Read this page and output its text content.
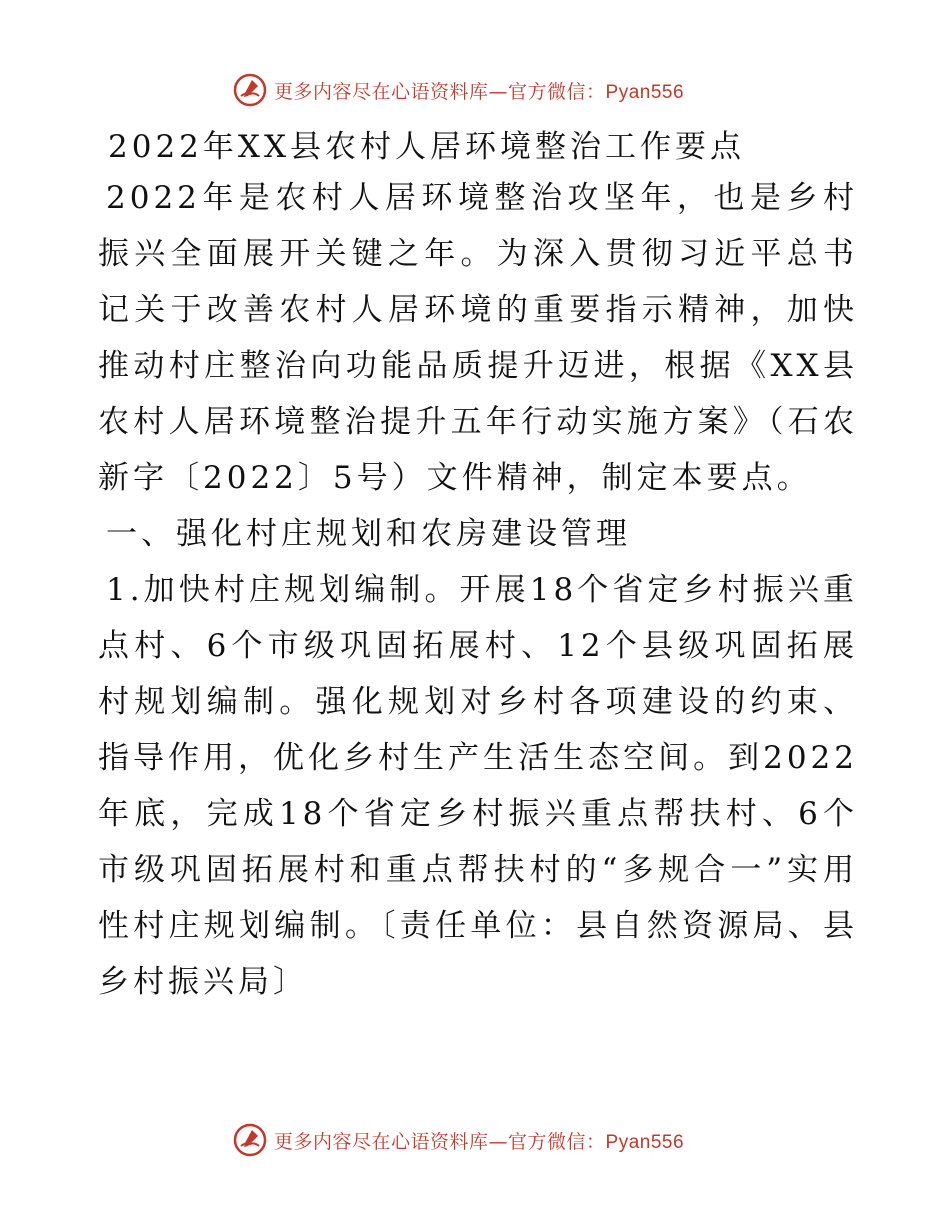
更多内容尽在心语资料库—官方微信：Pyan556
2022年XX县农村人居环境整治工作要点

2022年是农村人居环境整治攻坚年，也是乡村振兴全面展开关键之年。为深入贯彻习近平总书记关于改善农村人居环境的重要指示精神，加快推动村庄整治向功能品质提升迈进，根据《XX县农村人居环境整治提升五年行动实施方案》（石农新字〔2022〕5号）文件精神，制定本要点。

一、强化村庄规划和农房建设管理

1.加快村庄规划编制。开展18个省定乡村振兴重点村、6个市级巩固拓展村、12个县级巩固拓展村规划编制。强化规划对乡村各项建设的约束、指导作用，优化乡村生产生活生态空间。到2022年底，完成18个省定乡村振兴重点帮扶村、6个市级巩固拓展村和重点帮扶村的“多规合一”实用性村庄规划编制。〔责任单位：县自然资源局、县乡村振兴局〕

更多内容尽在心语资料库—官方微信：Pyan556
